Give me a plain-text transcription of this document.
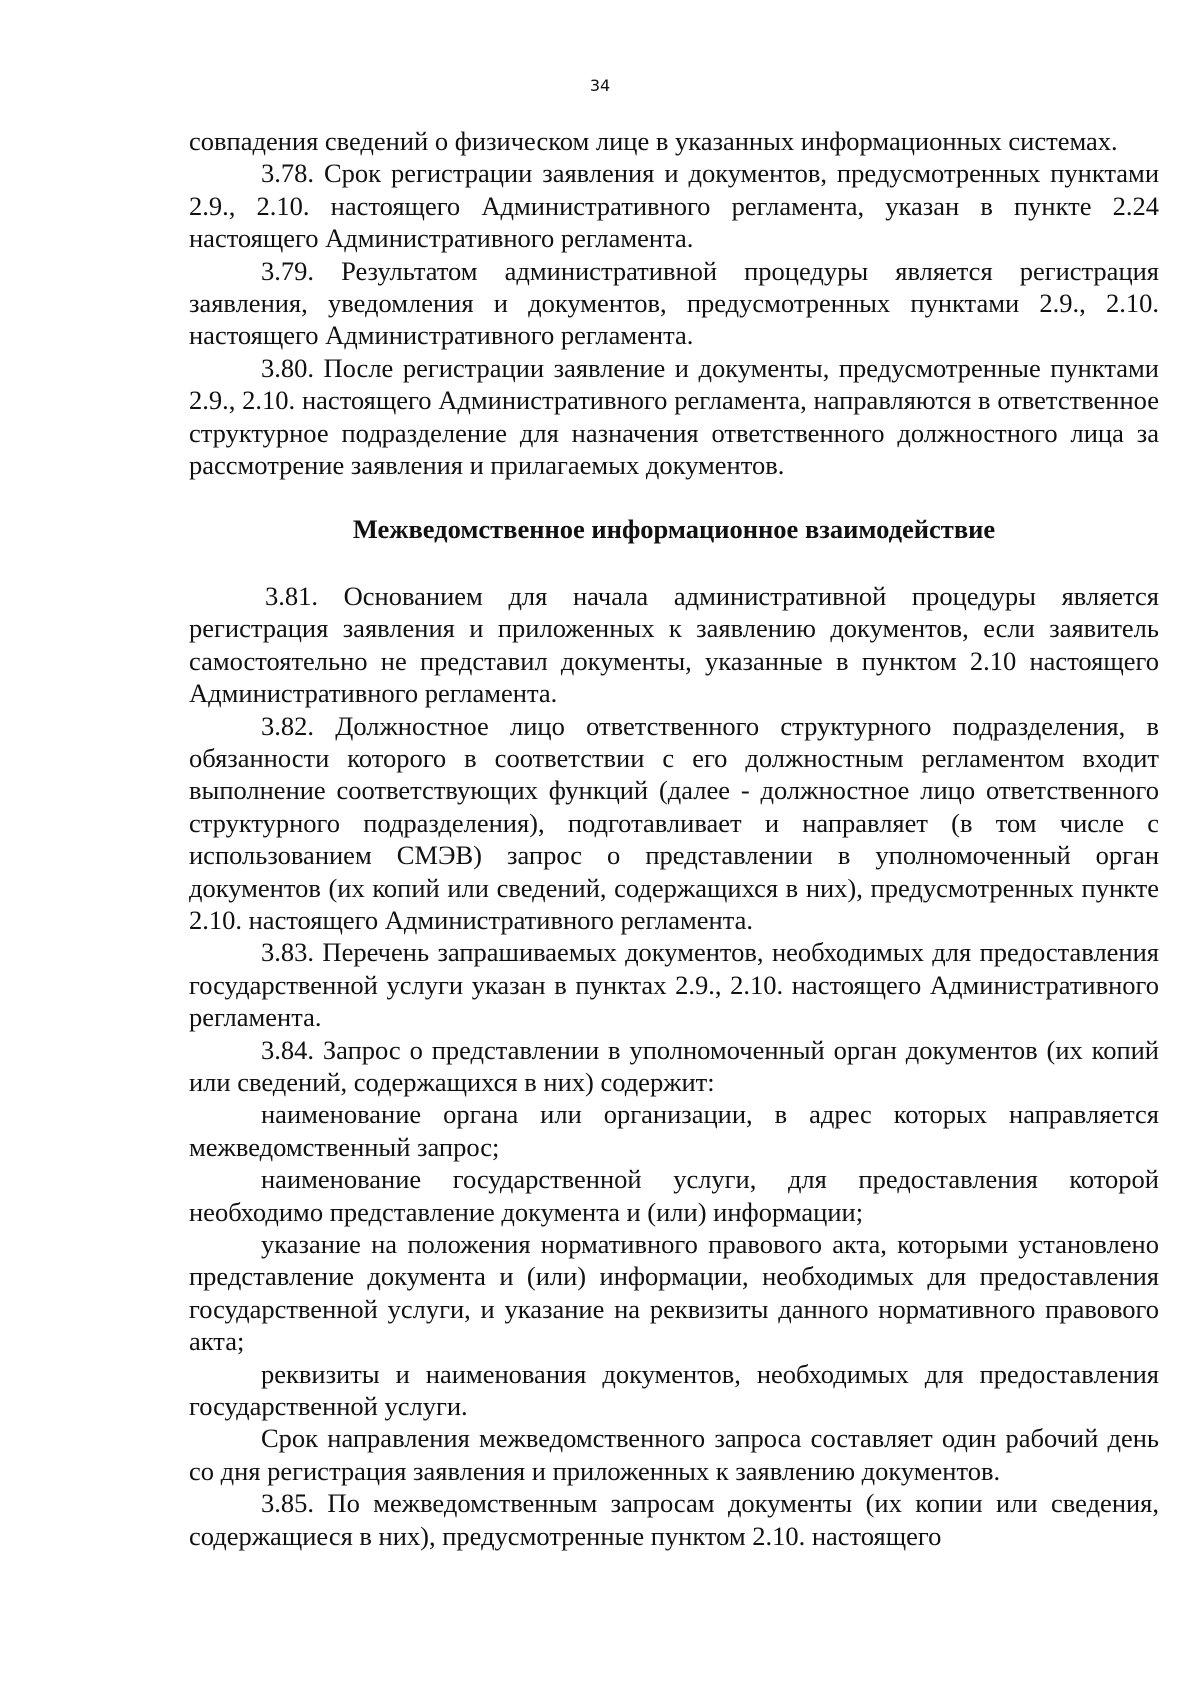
34

совпадения сведений о физическом лице в указанных информационных системах.

3.78. Срок регистрации заявления и документов, предусмотренных пунктами 2.9., 2.10. настоящего Административного регламента, указан в пункте 2.24 настоящего Административного регламента.

3.79. Результатом административной процедуры является регистрация заявления, уведомления и документов, предусмотренных пунктами 2.9., 2.10. настоящего Административного регламента.

3.80. После регистрации заявление и документы, предусмотренные пунктами 2.9., 2.10. настоящего Административного регламента, направляются в ответственное структурное подразделение для назначения ответственного должностного лица за рассмотрение заявления и прилагаемых документов.

Межведомственное информационное взаимодействие

3.81. Основанием для начала административной процедуры является регистрация заявления и приложенных к заявлению документов, если заявитель самостоятельно не представил документы, указанные в пунктом 2.10 настоящего Административного регламента.

3.82. Должностное лицо ответственного структурного подразделения, в обязанности которого в соответствии с его должностным регламентом входит выполнение соответствующих функций (далее - должностное лицо ответственного структурного подразделения), подготавливает и направляет (в том числе с использованием СМЭВ) запрос о представлении в уполномоченный орган документов (их копий или сведений, содержащихся в них), предусмотренных пункте 2.10. настоящего Административного регламента.

3.83. Перечень запрашиваемых документов, необходимых для предоставления государственной услуги указан в пунктах 2.9., 2.10. настоящего Административного регламента.

3.84. Запрос о представлении в уполномоченный орган документов (их копий или сведений, содержащихся в них) содержит:

наименование органа или организации, в адрес которых направляется межведомственный запрос;

наименование государственной услуги, для предоставления которой необходимо представление документа и (или) информации;

указание на положения нормативного правового акта, которыми установлено представление документа и (или) информации, необходимых для предоставления государственной услуги, и указание на реквизиты данного нормативного правового акта;

реквизиты и наименования документов, необходимых для предоставления государственной услуги.

Срок направления межведомственного запроса составляет один рабочий день со дня регистрация заявления и приложенных к заявлению документов.

3.85. По межведомственным запросам документы (их копии или сведения, содержащиеся в них), предусмотренные пунктом 2.10. настоящего
